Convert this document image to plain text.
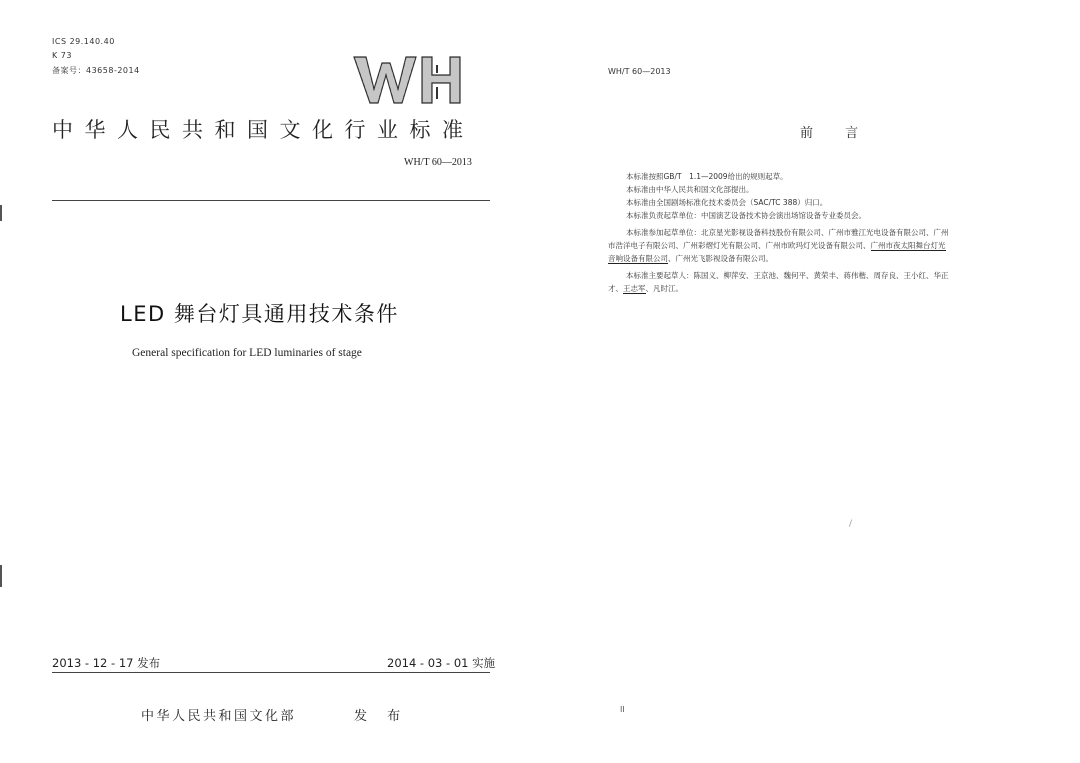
ICS 29.140.40
K 73
备案号：43658-2014
中华人民共和国文化行业标准
WH/T 60—2013
LED 舞台灯具通用技术条件
General specification for LED luminaries of stage
2013 - 12 - 17 发布	2014 - 03 - 01 实施
中华人民共和国文化部	发 布
WH/T 60—2013
前 言
本标准按照GB/T　1.1—2009给出的规则起草。
本标准由中华人民共和国文化部提出。
本标准由全国剧场标准化技术委员会（SAC/TC 388）归口。
本标准负责起草单位：中国演艺设备技术协会演出场馆设备专业委员会。
本标准参加起草单位：北京星光影视设备科技股份有限公司、广州市雅江光电设备有限公司、广州
市浩洋电子有限公司、广州彩熠灯光有限公司、广州市欧玛灯光设备有限公司、广州市夜太阳舞台灯光
音响设备有限公司、广州光飞影视设备有限公司。
本标准主要起草人：陈国义、柳萍安、王京池、魏何平、黄荣丰、蒋伟楷、周存良、王小红、华正
才、王志军、凡时江。
/
II
